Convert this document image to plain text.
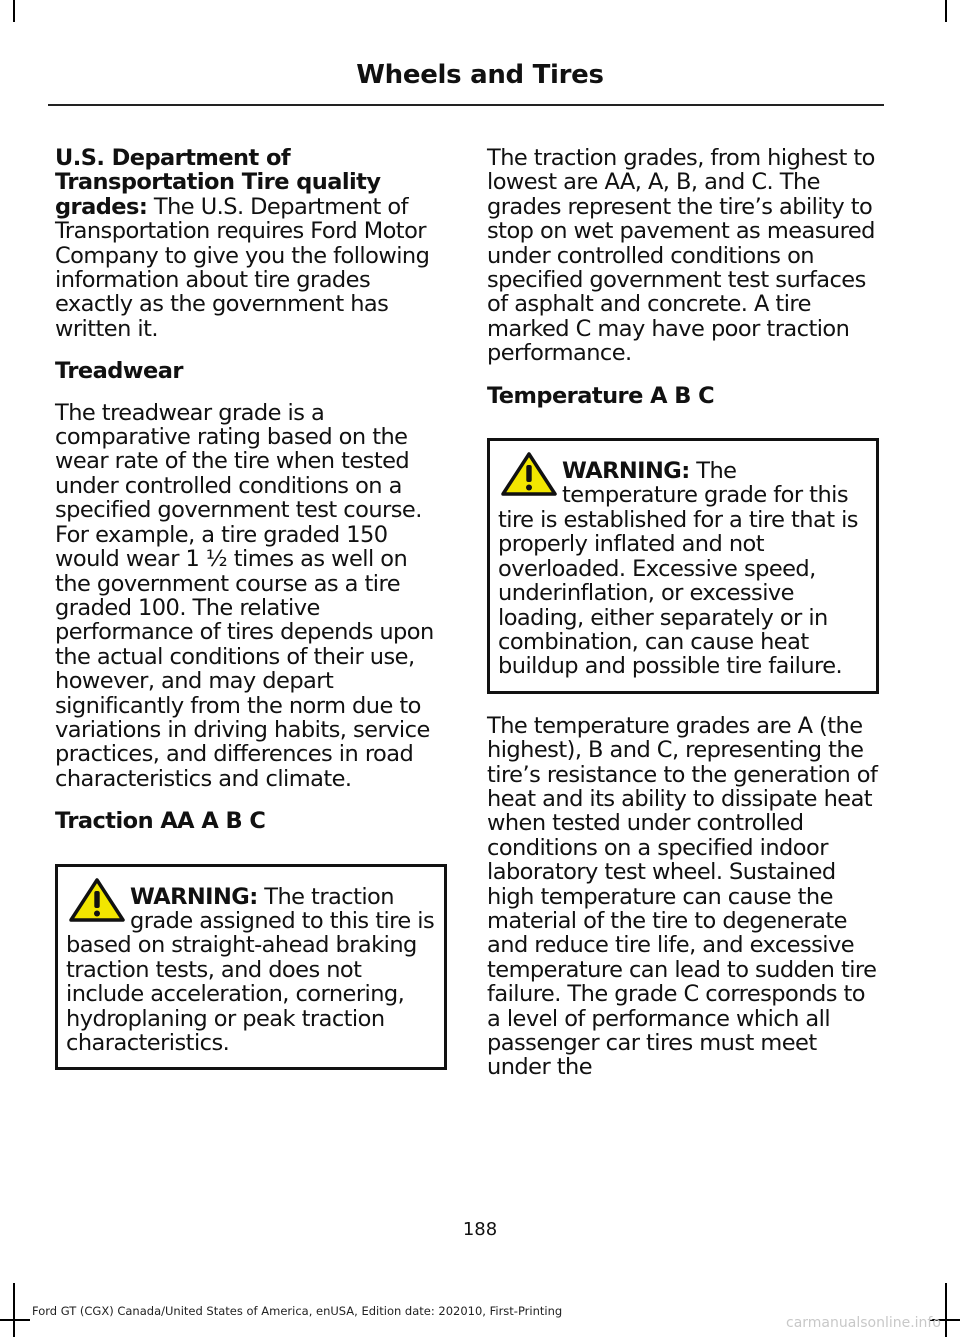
Wheels and Tires

U.S. Department of Transportation Tire quality grades: The U.S. Department of Transportation requires Ford Motor Company to give you the following information about tire grades exactly as the government has written it.

Treadwear

The treadwear grade is a comparative rating based on the wear rate of the tire when tested under controlled conditions on a specified government test course. For example, a tire graded 150 would wear 1 ½ times as well on the government course as a tire graded 100. The relative performance of tires depends upon the actual conditions of their use, however, and may depart significantly from the norm due to variations in driving habits, service practices, and differences in road characteristics and climate.

Traction AA A B C
WARNING: The traction grade assigned to this tire is based on straight-ahead braking traction tests, and does not include acceleration, cornering, hydroplaning or peak traction characteristics.

The traction grades, from highest to lowest are AA, A, B, and C. The grades represent the tire’s ability to stop on wet pavement as measured under controlled conditions on specified government test surfaces of asphalt and concrete. A tire marked C may have poor traction performance.

Temperature A B C
WARNING: The temperature grade for this tire is established for a tire that is properly inflated and not overloaded. Excessive speed, underinflation, or excessive loading, either separately or in combination, can cause heat buildup and possible tire failure.

The temperature grades are A (the highest), B and C, representing the tire’s resistance to the generation of heat and its ability to dissipate heat when tested under controlled conditions on a specified indoor laboratory test wheel. Sustained high temperature can cause the material of the tire to degenerate and reduce tire life, and excessive temperature can lead to sudden tire failure. The grade C corresponds to a level of performance which all passenger car tires must meet under the

188
Ford GT (CGX) Canada/United States of America, enUSA, Edition date: 202010, First-Printing
carmanualsonline.info
